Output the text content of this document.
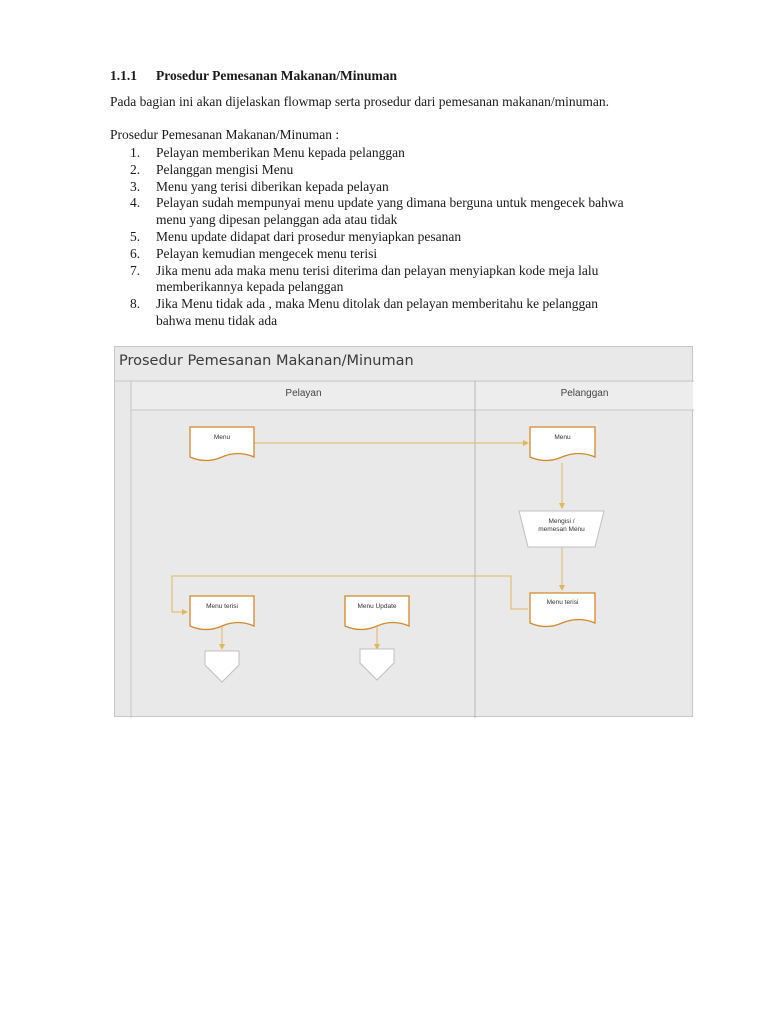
1.1.1 Prosedur Pemesanan Makanan/Minuman
Pada bagian ini akan dijelaskan flowmap serta prosedur dari pemesanan makanan/minuman.
Prosedur Pemesanan Makanan/Minuman :
1.	Pelayan memberikan Menu kepada pelanggan
2.	Pelanggan mengisi Menu
3.	Menu yang terisi diberikan kepada pelayan
4.	Pelayan sudah mempunyai menu update yang dimana berguna untuk mengecek bahwa
menu yang dipesan pelanggan ada atau tidak
5.	Menu update didapat dari prosedur menyiapkan pesanan
6.	Pelayan kemudian mengecek menu terisi
7.	Jika menu ada maka menu terisi diterima dan pelayan menyiapkan kode meja lalu
memberikannya kepada pelanggan
8.	Jika Menu tidak ada , maka Menu ditolak dan pelayan memberitahu ke pelanggan
bahwa menu tidak ada
Prosedur Pemesanan Makanan/Minuman
Pelayan	Pelanggan
Menu	Menu
Mengisi /
memesan Menu
Menu terisi
Menu terisi	Menu Update
